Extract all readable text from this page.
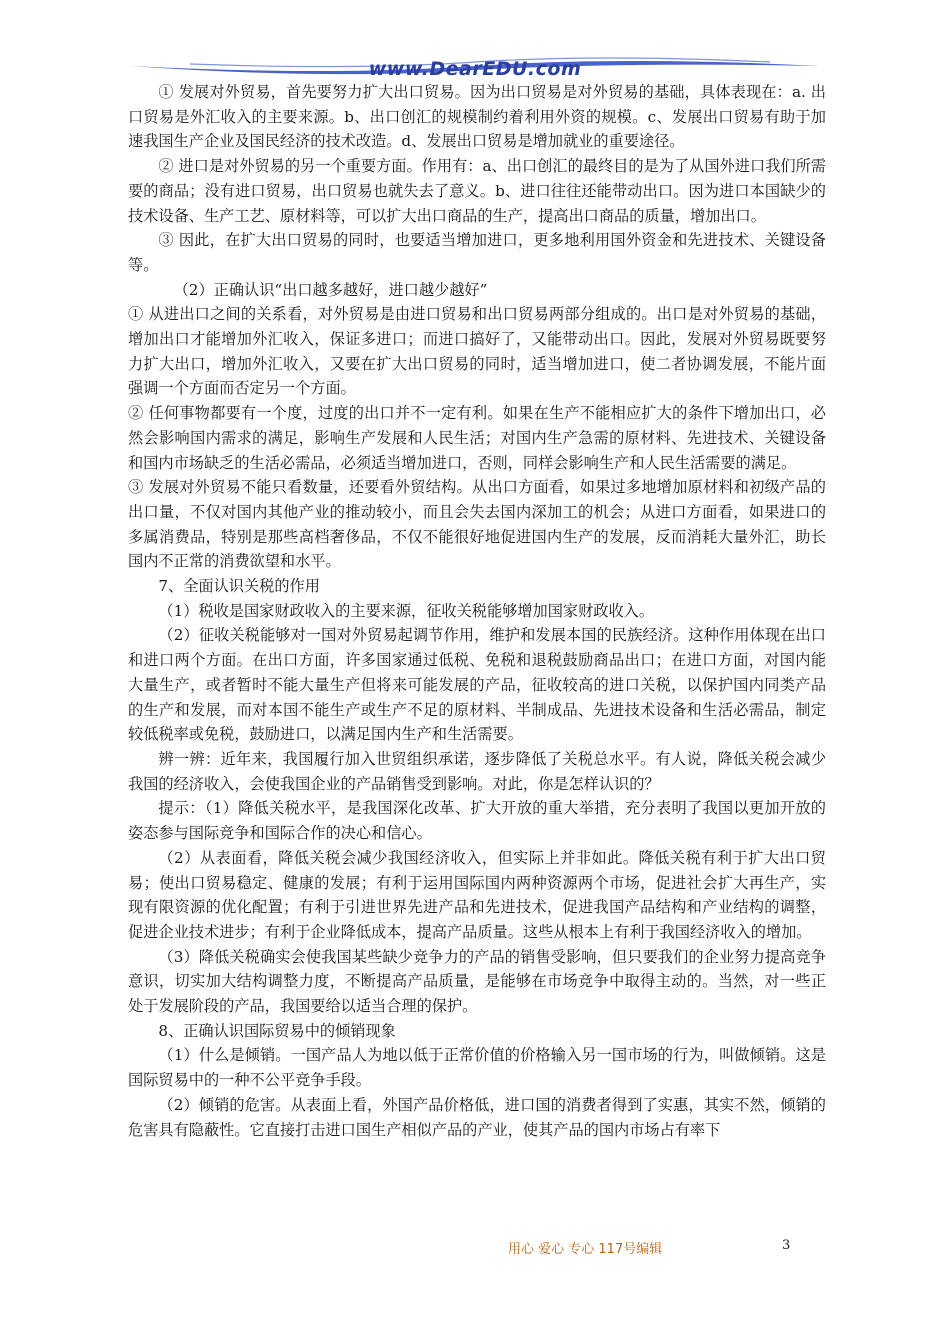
www.DearEDU.com

① 发展对外贸易，首先要努力扩大出口贸易。因为出口贸易是对外贸易的基础，具体表现在：a. 出口贸易是外汇收入的主要来源。b、出口创汇的规模制约着利用外资的规模。c、发展出口贸易有助于加速我国生产企业及国民经济的技术改造。d、发展出口贸易是增加就业的重要途径。

② 进口是对外贸易的另一个重要方面。作用有：a、出口创汇的最终目的是为了从国外进口我们所需要的商品；没有进口贸易，出口贸易也就失去了意义。b、进口往往还能带动出口。因为进口本国缺少的技术设备、生产工艺、原材料等，可以扩大出口商品的生产，提高出口商品的质量，增加出口。

③ 因此，在扩大出口贸易的同时，也要适当增加进口，更多地利用国外资金和先进技术、关键设备等。

（2）正确认识“出口越多越好，进口越少越好”

① 从进出口之间的关系看，对外贸易是由进口贸易和出口贸易两部分组成的。出口是对外贸易的基础，增加出口才能增加外汇收入，保证多进口；而进口搞好了，又能带动出口。因此，发展对外贸易既要努力扩大出口，增加外汇收入，又要在扩大出口贸易的同时，适当增加进口，使二者协调发展，不能片面强调一个方面而否定另一个方面。

② 任何事物都要有一个度，过度的出口并不一定有利。如果在生产不能相应扩大的条件下增加出口，必然会影响国内需求的满足，影响生产发展和人民生活；对国内生产急需的原材料、先进技术、关键设备和国内市场缺乏的生活必需品，必须适当增加进口，否则，同样会影响生产和人民生活需要的满足。

③ 发展对外贸易不能只看数量，还要看外贸结构。从出口方面看，如果过多地增加原材料和初级产品的出口量，不仅对国内其他产业的推动较小，而且会失去国内深加工的机会；从进口方面看，如果进口的多属消费品，特别是那些高档奢侈品，不仅不能很好地促进国内生产的发展，反而消耗大量外汇，助长国内不正常的消费欲望和水平。

7、全面认识关税的作用

（1）税收是国家财政收入的主要来源，征收关税能够增加国家财政收入。

（2）征收关税能够对一国对外贸易起调节作用，维护和发展本国的民族经济。这种作用体现在出口和进口两个方面。在出口方面，许多国家通过低税、免税和退税鼓励商品出口；在进口方面，对国内能大量生产，或者暂时不能大量生产但将来可能发展的产品，征收较高的进口关税，以保护国内同类产品的生产和发展，而对本国不能生产或生产不足的原材料、半制成品、先进技术设备和生活必需品，制定较低税率或免税，鼓励进口，以满足国内生产和生活需要。

辨一辨：近年来，我国履行加入世贸组织承诺，逐步降低了关税总水平。有人说，降低关税会减少我国的经济收入，会使我国企业的产品销售受到影响。对此，你是怎样认识的？

提示：（1）降低关税水平，是我国深化改革、扩大开放的重大举措，充分表明了我国以更加开放的姿态参与国际竞争和国际合作的决心和信心。

（2）从表面看，降低关税会减少我国经济收入，但实际上并非如此。降低关税有利于扩大出口贸易；使出口贸易稳定、健康的发展；有利于运用国际国内两种资源两个市场，促进社会扩大再生产，实现有限资源的优化配置；有利于引进世界先进产品和先进技术，促进我国产品结构和产业结构的调整，促进企业技术进步；有利于企业降低成本，提高产品质量。这些从根本上有利于我国经济收入的增加。

（3）降低关税确实会使我国某些缺少竞争力的产品的销售受影响，但只要我们的企业努力提高竞争意识，切实加大结构调整力度，不断提高产品质量，是能够在市场竞争中取得主动的。当然，对一些正处于发展阶段的产品，我国要给以适当合理的保护。

8、正确认识国际贸易中的倾销现象

（1）什么是倾销。一国产品人为地以低于正常价值的价格输入另一国市场的行为，叫做倾销。这是国际贸易中的一种不公平竞争手段。

（2）倾销的危害。从表面上看，外国产品价格低，进口国的消费者得到了实惠，其实不然，倾销的危害具有隐蔽性。它直接打击进口国生产相似产品的产业，使其产品的国内市场占有率下

用心 爱心 专心 117号编辑	3
